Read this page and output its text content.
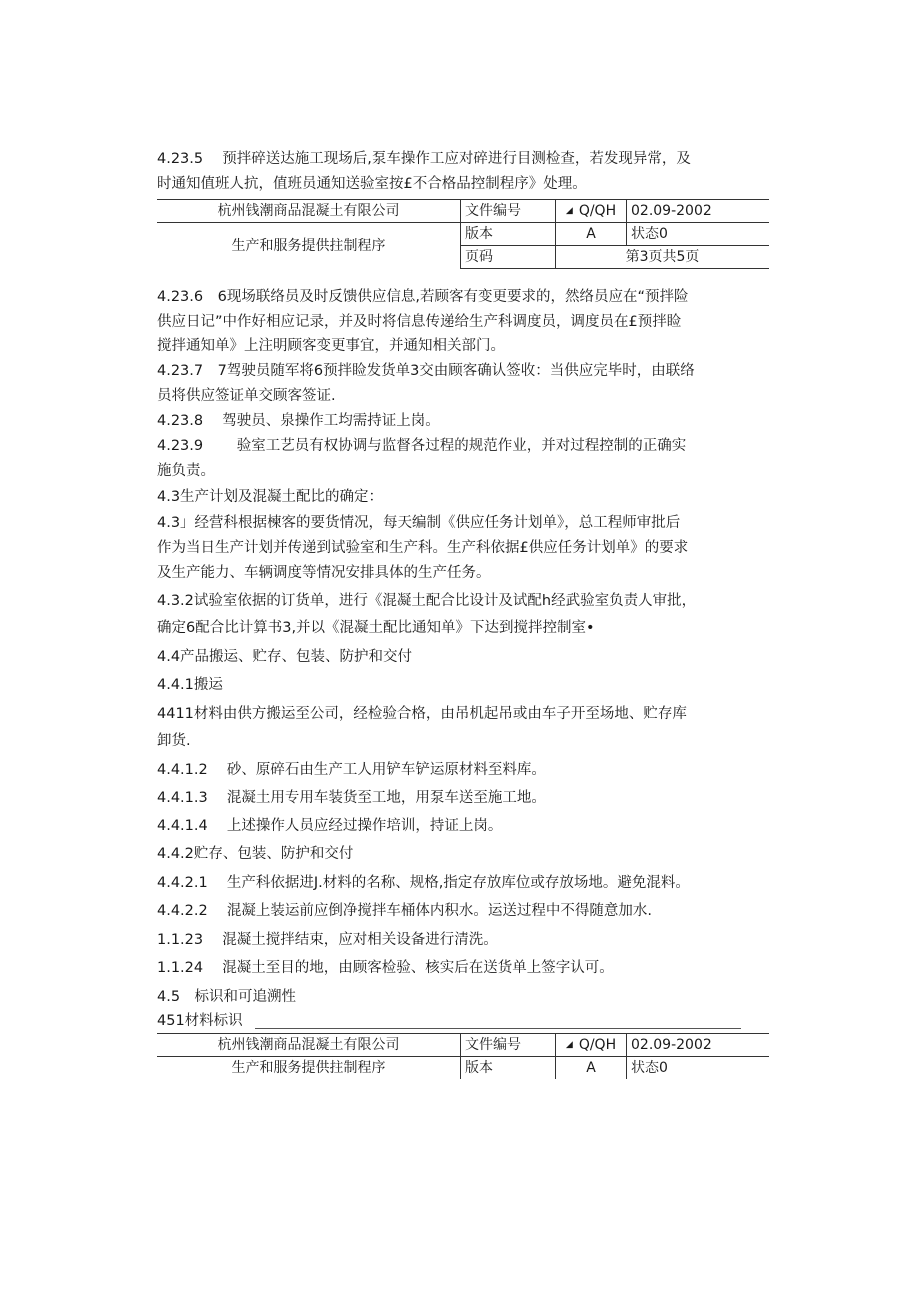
4.23.5　 预拌碎送达施工现场后,泵车操作工应对碎进行目测检查，若发现异常，及
时通知值班人抗，值班员通知送验室按£不合格品控制程序》处理。
杭州钱潮商品混凝土有限公司	文件编号	◢ Q/QH	02.09-2002
生产和服务提供拄制程序	版本	A	状态0
	页码	第3页共5页	
4.23.6　6现场联络员及时反馈供应信息,若顾客有变更要求的，然络员应在“预拌险
供应日记”中作好相应记录，并及时将信息传递给生产科调度员，调度员在£预拌睑
搅拌通知单》上注明顾客变更事宜，并通知相关部门。
4.23.7　7驾驶员随军将6预拌睑发货单3交由顾客确认签收：当供应完毕时，由联络
员将供应签证单交顾客签证.
4.23.8　 驾驶员、泉操作工均需持证上岗。
4.23.9　　 验室工艺员有权协调与监督各过程的规范作业，并对过程控制的正确实
施负责。
4.3生产计划及混凝土配比的确定：
4.3」经营科根据楝客的要货情况，每天编制《供应任务计划单》，总工程师审批后
作为当日生产计划并传递到试验室和生产科。生产科依据£供应任务计划单》的要求
及生产能力、车辆调度等情况安排具体的生产任务。
4.3.2试验室依据的订货单，进行《混凝土配合比设计及试配h经武验室负责人审批，
确定6配合比计算书3,并以《混凝土配比通知单》下达到搅拌控制室•
4.4产品搬运、贮存、包装、防护和交付
4.4.1搬运
4411材料由供方搬运至公司，经检验合格，由吊机起吊或由车子开至场地、贮存库
卸货.
4.4.1.2　 砂、原碎石由生产工人用铲车铲运原材料至料库。
4.4.1.3　 混凝土用专用车装货至工地，用泵车送至施工地。
4.4.1.4　 上述操作人员应经过操作培训，持证上岗。
4.4.2贮存、包装、防护和交付
4.4.2.1　 生产科依据进J.材料的名称、规格,指定存放库位或存放场地。避免混料。
4.4.2.2　 混凝上装运前应倒净搅拌车桶体内积水。运送过程中不得随意加水.
1.1.23　 混凝土搅拌结束，应对相关设备进行清洗。
1.1.24　 混凝土至目的地，由顾客检验、核实后在送货单上签字认可。
4.5　标识和可追溯性
451材料标识
杭州钱潮商品混凝土有限公司	文件编号	◢ Q/QH	02.09-2002
生产和服务提供拄制程序	版本	A	状态0
